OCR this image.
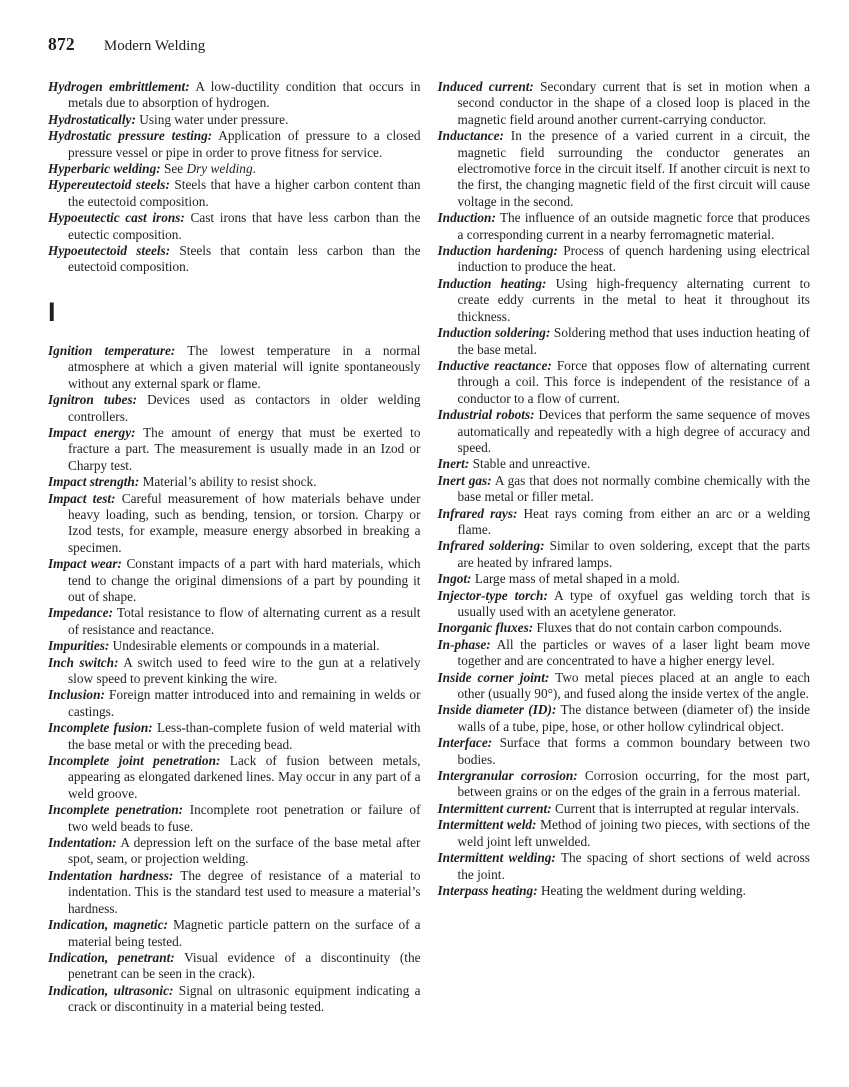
872 Modern Welding

Hydrogen embrittlement: A low-ductility condition that occurs in metals due to absorption of hydrogen.

Hydrostatically: Using water under pressure.

Hydrostatic pressure testing: Application of pressure to a closed pressure vessel or pipe in order to prove fitness for service.

Hyperbaric welding: See Dry welding.

Hypereutectoid steels: Steels that have a higher carbon content than the eutectoid composition.

Hypoeutectic cast irons: Cast irons that have less carbon than the eutectic composition.

Hypoeutectoid steels: Steels that contain less carbon than the eutectoid composition.

I

Ignition temperature: The lowest temperature in a normal atmosphere at which a given material will ignite spontaneously without any external spark or flame.

Ignitron tubes: Devices used as contactors in older welding controllers.

Impact energy: The amount of energy that must be exerted to fracture a part. The measurement is usually made in an Izod or Charpy test.

Impact strength: Material’s ability to resist shock.

Impact test: Careful measurement of how materials behave under heavy loading, such as bending, tension, or torsion. Charpy or Izod tests, for example, measure energy absorbed in breaking a specimen.

Impact wear: Constant impacts of a part with hard materials, which tend to change the original dimensions of a part by pounding it out of shape.

Impedance: Total resistance to flow of alternating current as a result of resistance and reactance.

Impurities: Undesirable elements or compounds in a material.

Inch switch: A switch used to feed wire to the gun at a relatively slow speed to prevent kinking the wire.

Inclusion: Foreign matter introduced into and remaining in welds or castings.

Incomplete fusion: Less-than-complete fusion of weld material with the base metal or with the preceding bead.

Incomplete joint penetration: Lack of fusion between metals, appearing as elongated darkened lines. May occur in any part of a weld groove.

Incomplete penetration: Incomplete root penetration or failure of two weld beads to fuse.

Indentation: A depression left on the surface of the base metal after spot, seam, or projection welding.

Indentation hardness: The degree of resistance of a material to indentation. This is the standard test used to measure a material’s hardness.

Indication, magnetic: Magnetic particle pattern on the surface of a material being tested.

Indication, penetrant: Visual evidence of a discontinuity (the penetrant can be seen in the crack).

Indication, ultrasonic: Signal on ultrasonic equipment indicating a crack or discontinuity in a material being tested.

Induced current: Secondary current that is set in motion when a second conductor in the shape of a closed loop is placed in the magnetic field around another current-carrying conductor.

Inductance: In the presence of a varied current in a circuit, the magnetic field surrounding the conductor generates an electromotive force in the circuit itself. If another circuit is next to the first, the changing magnetic field of the first circuit will cause voltage in the second.

Induction: The influence of an outside magnetic force that produces a corresponding current in a nearby ferromagnetic material.

Induction hardening: Process of quench hardening using electrical induction to produce the heat.

Induction heating: Using high-frequency alternating current to create eddy currents in the metal to heat it throughout its thickness.

Induction soldering: Soldering method that uses induction heating of the base metal.

Inductive reactance: Force that opposes flow of alternating current through a coil. This force is independent of the resistance of a conductor to a flow of current.

Industrial robots: Devices that perform the same sequence of moves automatically and repeatedly with a high degree of accuracy and speed.

Inert: Stable and unreactive.

Inert gas: A gas that does not normally combine chemically with the base metal or filler metal.

Infrared rays: Heat rays coming from either an arc or a welding flame.

Infrared soldering: Similar to oven soldering, except that the parts are heated by infrared lamps.

Ingot: Large mass of metal shaped in a mold.

Injector-type torch: A type of oxyfuel gas welding torch that is usually used with an acetylene generator.

Inorganic fluxes: Fluxes that do not contain carbon compounds.

In-phase: All the particles or waves of a laser light beam move together and are concentrated to have a higher energy level.

Inside corner joint: Two metal pieces placed at an angle to each other (usually 90°), and fused along the inside vertex of the angle.

Inside diameter (ID): The distance between (diameter of) the inside walls of a tube, pipe, hose, or other hollow cylindrical object.

Interface: Surface that forms a common boundary between two bodies.

Intergranular corrosion: Corrosion occurring, for the most part, between grains or on the edges of the grain in a ferrous material.

Intermittent current: Current that is interrupted at regular intervals.

Intermittent weld: Method of joining two pieces, with sections of the weld joint left unwelded.

Intermittent welding: The spacing of short sections of weld across the joint.

Interpass heating: Heating the weldment during welding.
